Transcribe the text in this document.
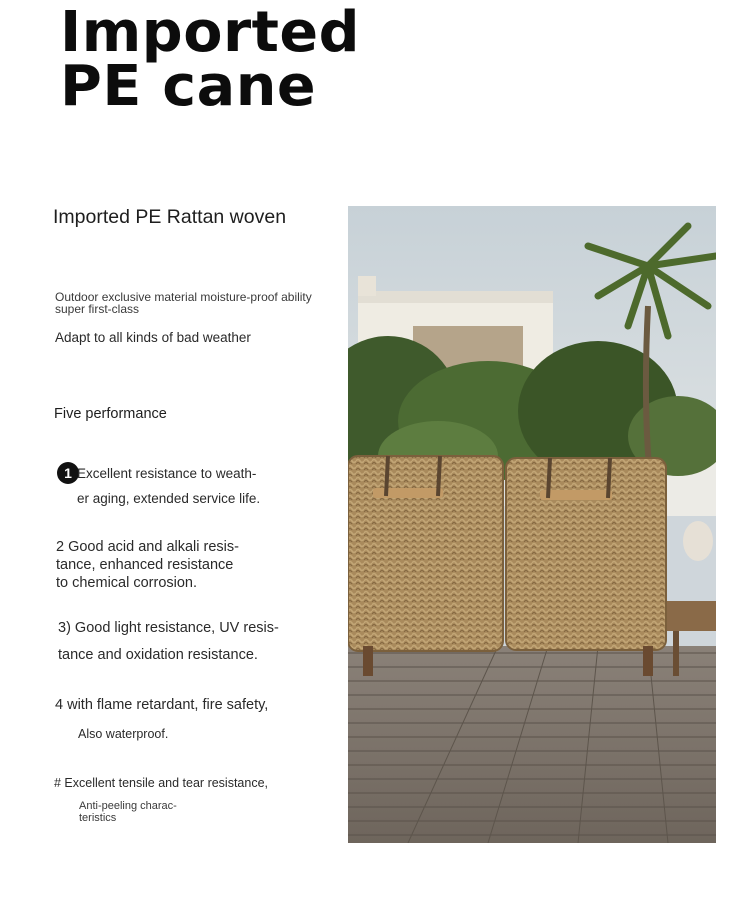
Imported
PE cane
Imported PE Rattan woven
Outdoor exclusive material moisture-proof ability
super first-class
Adapt to all kinds of bad weather
Five performance
1 Excellent resistance to weath-
er aging, extended service life.
2 Good acid and alkali resis-
tance, enhanced resistance
to chemical corrosion.
3) Good light resistance, UV resis-
tance and oxidation resistance.
4 with flame retardant, fire safety,
Also waterproof.
# Excellent tensile and tear resistance,
Anti-peeling charac-
teristics
